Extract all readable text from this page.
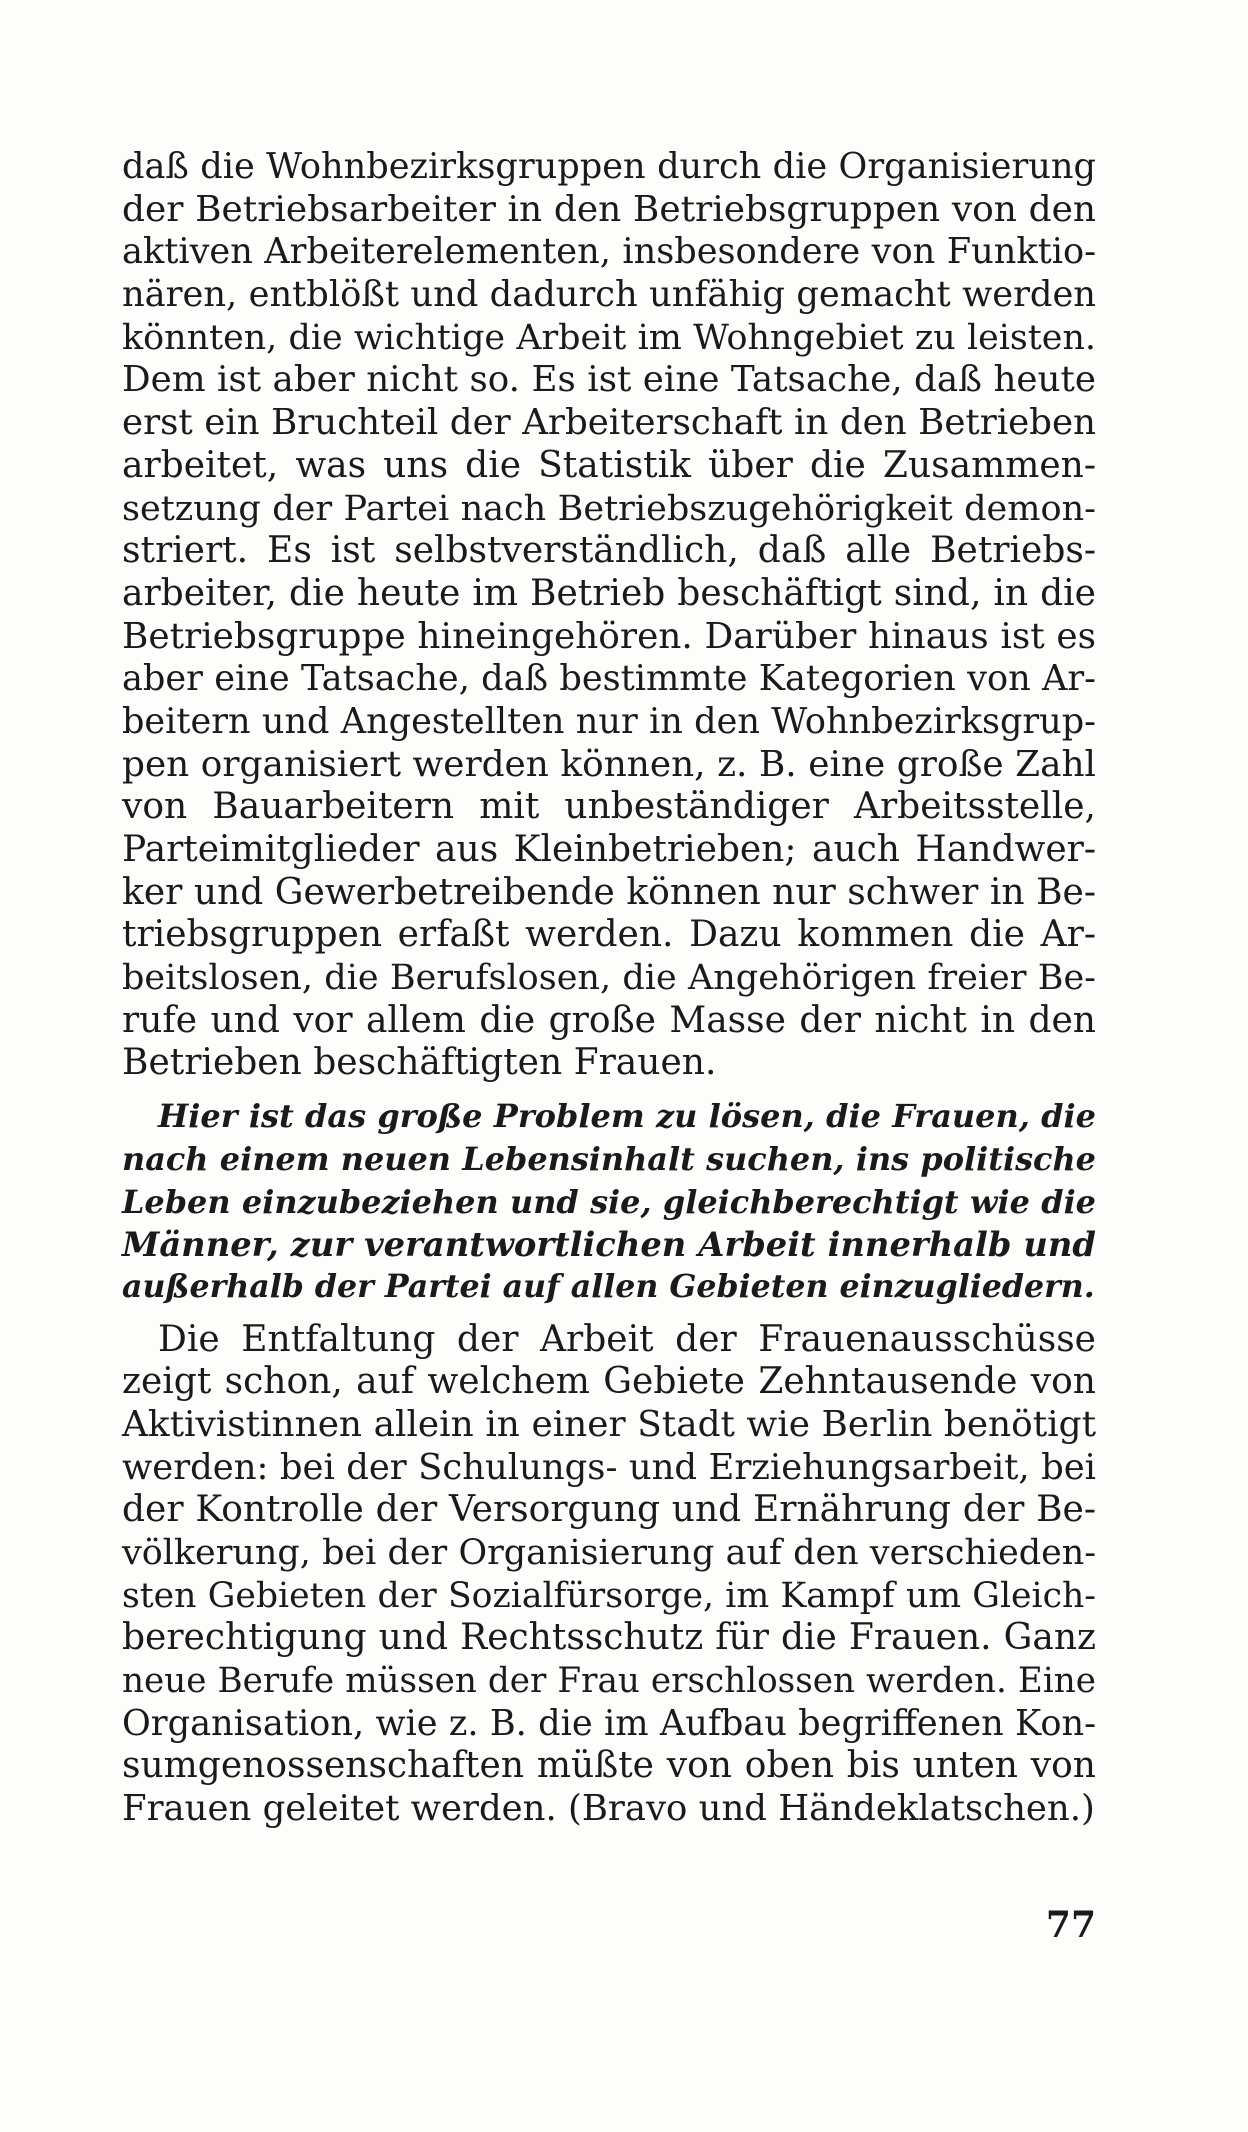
daß die Wohnbezirksgruppen durch die Organisierung
der Betriebsarbeiter in den Betriebsgruppen von den
aktiven Arbeiterelementen, insbesondere von Funktio-
nären, entblößt und dadurch unfähig gemacht werden
könnten, die wichtige Arbeit im Wohngebiet zu leisten.
Dem ist aber nicht so. Es ist eine Tatsache, daß heute
erst ein Bruchteil der Arbeiterschaft in den Betrieben
arbeitet, was uns die Statistik über die Zusammen-
setzung der Partei nach Betriebszugehörigkeit demon-
striert. Es ist selbstverständlich, daß alle Betriebs-
arbeiter, die heute im Betrieb beschäftigt sind, in die
Betriebsgruppe hineingehören. Darüber hinaus ist es
aber eine Tatsache, daß bestimmte Kategorien von Ar-
beitern und Angestellten nur in den Wohnbezirksgrup-
pen organisiert werden können, z. B. eine große Zahl
von Bauarbeitern mit unbeständiger Arbeitsstelle,
Parteimitglieder aus Kleinbetrieben; auch Handwer-
ker und Gewerbetreibende können nur schwer in Be-
triebsgruppen erfaßt werden. Dazu kommen die Ar-
beitslosen, die Berufslosen, die Angehörigen freier Be-
rufe und vor allem die große Masse der nicht in den
Betrieben beschäftigten Frauen.
Hier ist das große Problem zu lösen, die Frauen, die
nach einem neuen Lebensinhalt suchen, ins politische
Leben einzubeziehen und sie, gleichberechtigt wie die
Männer, zur verantwortlichen Arbeit innerhalb und
außerhalb der Partei auf allen Gebieten einzugliedern.
Die Entfaltung der Arbeit der Frauenausschüsse
zeigt schon, auf welchem Gebiete Zehntausende von
Aktivistinnen allein in einer Stadt wie Berlin benötigt
werden: bei der Schulungs- und Erziehungsarbeit, bei
der Kontrolle der Versorgung und Ernährung der Be-
völkerung, bei der Organisierung auf den verschieden-
sten Gebieten der Sozialfürsorge, im Kampf um Gleich-
berechtigung und Rechtsschutz für die Frauen. Ganz
neue Berufe müssen der Frau erschlossen werden. Eine
Organisation, wie z. B. die im Aufbau begriffenen Kon-
sumgenossenschaften müßte von oben bis unten von
Frauen geleitet werden. (Bravo und Händeklatschen.)
77
